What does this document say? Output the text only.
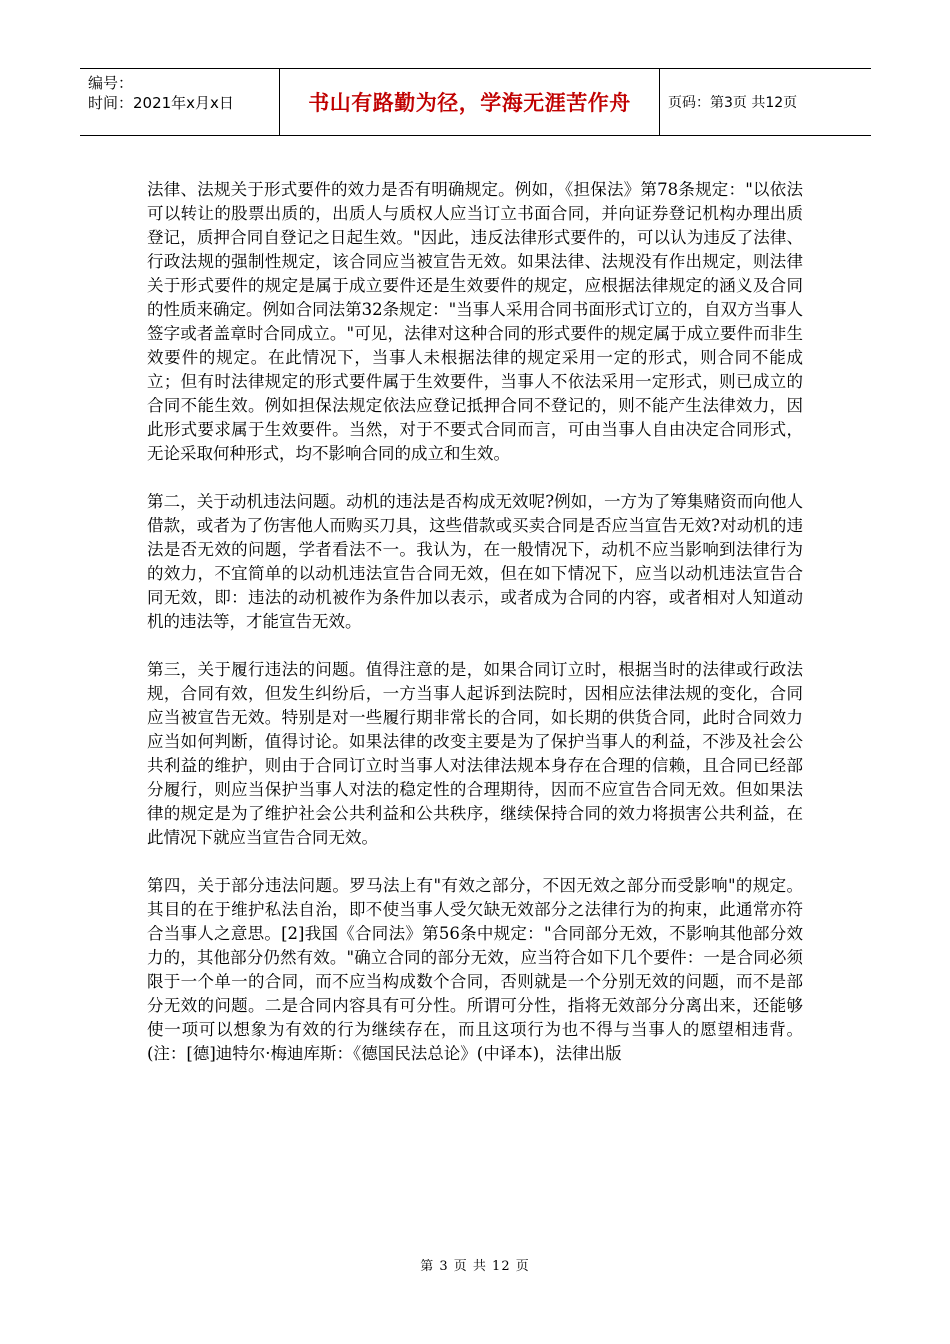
编号：
时间：2021年x月x日	书山有路勤为径，学海无涯苦作舟	页码：第3页 共12页

法律、法规关于形式要件的效力是否有明确规定。例如，《担保法》第78条规定："以依法可以转让的股票出质的，出质人与质权人应当订立书面合同，并向证券登记机构办理出质登记，质押合同自登记之日起生效。"因此，违反法律形式要件的，可以认为违反了法律、行政法规的强制性规定，该合同应当被宣告无效。如果法律、法规没有作出规定，则法律关于形式要件的规定是属于成立要件还是生效要件的规定，应根据法律规定的涵义及合同的性质来确定。例如合同法第32条规定："当事人采用合同书面形式订立的，自双方当事人签字或者盖章时合同成立。"可见，法律对这种合同的形式要件的规定属于成立要件而非生效要件的规定。在此情况下，当事人未根据法律的规定采用一定的形式，则合同不能成立；但有时法律规定的形式要件属于生效要件，当事人不依法采用一定形式，则已成立的合同不能生效。例如担保法规定依法应登记抵押合同不登记的，则不能产生法律效力，因此形式要求属于生效要件。当然，对于不要式合同而言，可由当事人自由决定合同形式，无论采取何种形式，均不影响合同的成立和生效。

第二，关于动机违法问题。动机的违法是否构成无效呢?例如，一方为了筹集赌资而向他人借款，或者为了伤害他人而购买刀具，这些借款或买卖合同是否应当宣告无效?对动机的违法是否无效的问题，学者看法不一。我认为，在一般情况下，动机不应当影响到法律行为的效力，不宜简单的以动机违法宣告合同无效，但在如下情况下，应当以动机违法宣告合同无效，即：违法的动机被作为条件加以表示，或者成为合同的内容，或者相对人知道动机的违法等，才能宣告无效。

第三，关于履行违法的问题。值得注意的是，如果合同订立时，根据当时的法律或行政法规，合同有效，但发生纠纷后，一方当事人起诉到法院时，因相应法律法规的变化，合同应当被宣告无效。特别是对一些履行期非常长的合同，如长期的供货合同，此时合同效力应当如何判断，值得讨论。如果法律的改变主要是为了保护当事人的利益，不涉及社会公共利益的维护，则由于合同订立时当事人对法律法规本身存在合理的信赖，且合同已经部分履行，则应当保护当事人对法的稳定性的合理期待，因而不应宣告合同无效。但如果法律的规定是为了维护社会公共利益和公共秩序，继续保持合同的效力将损害公共利益，在此情况下就应当宣告合同无效。

第四，关于部分违法问题。罗马法上有"有效之部分，不因无效之部分而受影响"的规定。其目的在于维护私法自治，即不使当事人受欠缺无效部分之法律行为的拘束，此通常亦符合当事人之意思。[2]我国《合同法》第56条中规定："合同部分无效，不影响其他部分效力的，其他部分仍然有效。"确立合同的部分无效，应当符合如下几个要件：一是合同必须限于一个单一的合同，而不应当构成数个合同，否则就是一个分别无效的问题，而不是部分无效的问题。二是合同内容具有可分性。所谓可分性，指将无效部分分离出来，还能够使一项可以想象为有效的行为继续存在，而且这项行为也不得与当事人的愿望相违背。(注：[德]迪特尔·梅迪库斯：《德国民法总论》(中译本)，法律出版

第 3 页 共 12 页
